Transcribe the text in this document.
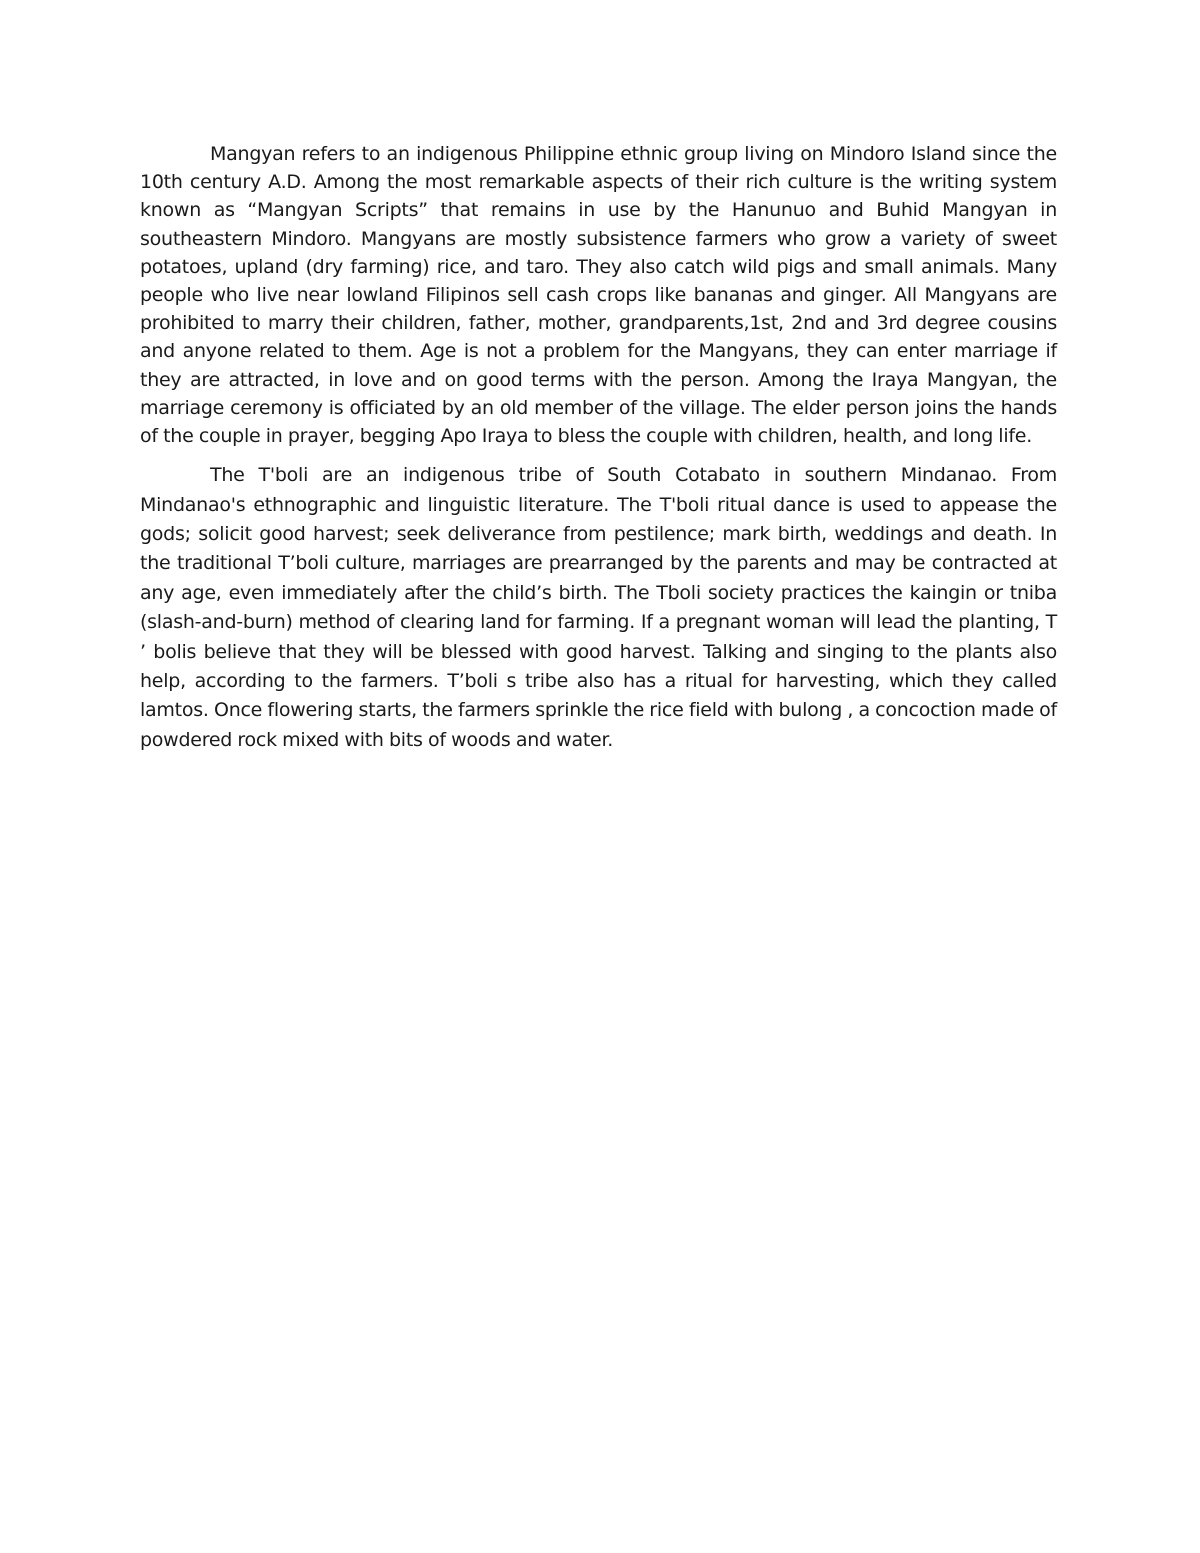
Mangyan refers to an indigenous Philippine ethnic group living on Mindoro Island since the 10th century A.D. Among the most remarkable aspects of their rich culture is the writing system known as “Mangyan Scripts” that remains in use by the Hanunuo and Buhid Mangyan in southeastern Mindoro. Mangyans are mostly subsistence farmers who grow a variety of sweet potatoes, upland (dry farming) rice, and taro. They also catch wild pigs and small animals. Many people who live near lowland Filipinos sell cash crops like bananas and ginger. All Mangyans are prohibited to marry their children, father, mother, grandparents,1st, 2nd and 3rd degree cousins and anyone related to them. Age is not a problem for the Mangyans, they can enter marriage if they are attracted, in love and on good terms with the person. Among the Iraya Mangyan, the marriage ceremony is officiated by an old member of the village. The elder person joins the hands of the couple in prayer, begging Apo Iraya to bless the couple with children, health, and long life.

The T'boli are an indigenous tribe of South Cotabato in southern Mindanao. From Mindanao's ethnographic and linguistic literature. The T'boli ritual dance is used to appease the gods; solicit good harvest; seek deliverance from pestilence; mark birth, weddings and death. In the traditional T’boli culture, marriages are prearranged by the parents and may be contracted at any age, even immediately after the child’s birth. The Tboli society practices the kaingin or tniba (slash-and-burn) method of clearing land for farming. If a pregnant woman will lead the planting, T ’ bolis believe that they will be blessed with good harvest. Talking and singing to the plants also help, according to the farmers. T’boli s tribe also has a ritual for harvesting, which they called lamtos. Once flowering starts, the farmers sprinkle the rice field with bulong , a concoction made of powdered rock mixed with bits of woods and water.
